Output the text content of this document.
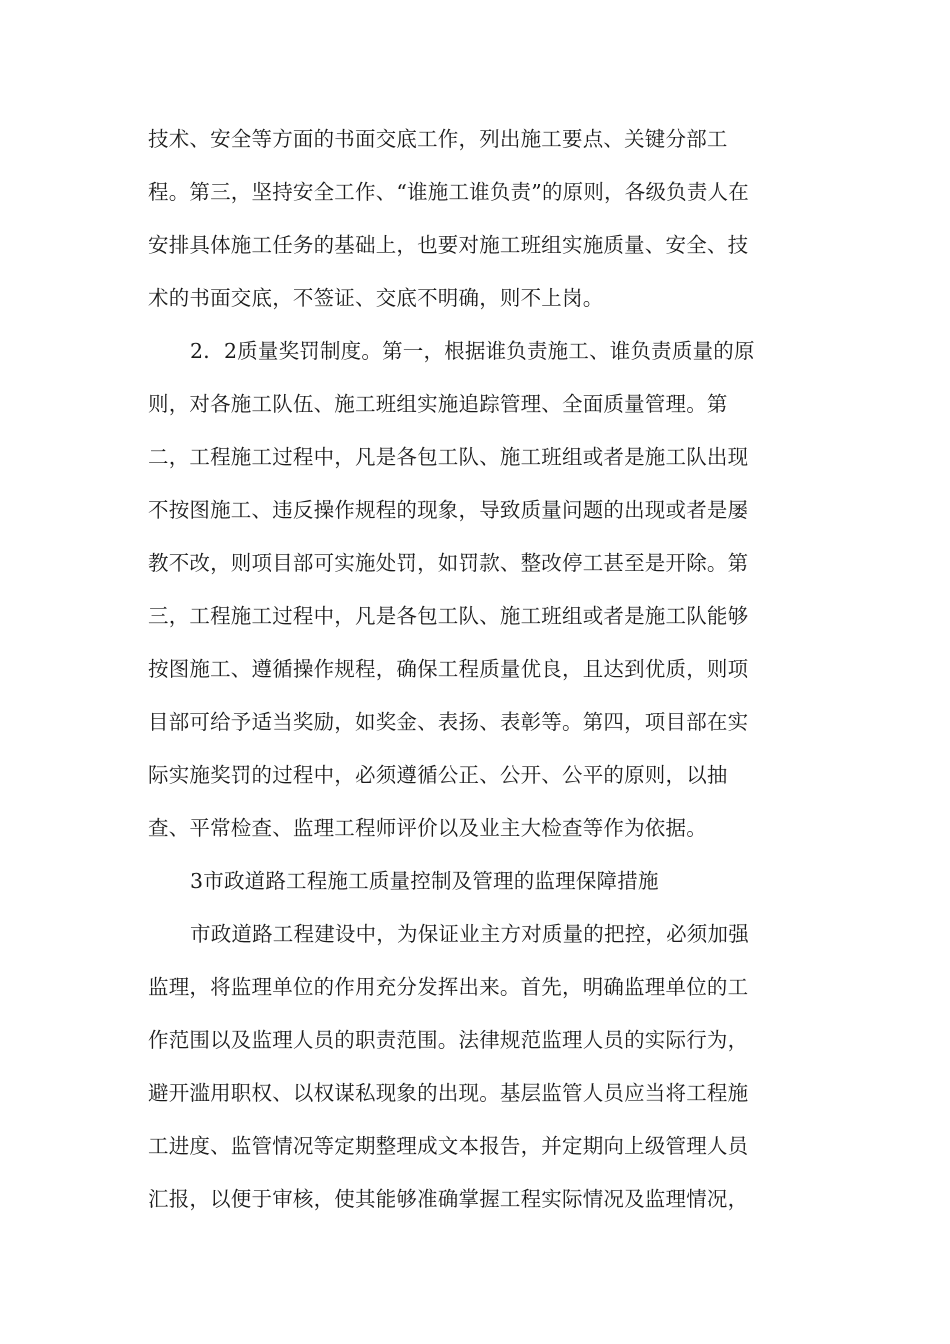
技术、安全等方面的书面交底工作，列出施工要点、关键分部工
程。第三，坚持安全工作、“谁施工谁负责”的原则，各级负责人在
安排具体施工任务的基础上，也要对施工班组实施质量、安全、技
术的书面交底，不签证、交底不明确，则不上岗。
2．2质量奖罚制度。第一，根据谁负责施工、谁负责质量的原
则，对各施工队伍、施工班组实施追踪管理、全面质量管理。第
二，工程施工过程中，凡是各包工队、施工班组或者是施工队出现
不按图施工、违反操作规程的现象，导致质量问题的出现或者是屡
教不改，则项目部可实施处罚，如罚款、整改停工甚至是开除。第
三，工程施工过程中，凡是各包工队、施工班组或者是施工队能够
按图施工、遵循操作规程，确保工程质量优良，且达到优质，则项
目部可给予适当奖励，如奖金、表扬、表彰等。第四，项目部在实
际实施奖罚的过程中，必须遵循公正、公开、公平的原则，以抽
查、平常检查、监理工程师评价以及业主大检查等作为依据。
3市政道路工程施工质量控制及管理的监理保障措施
市政道路工程建设中，为保证业主方对质量的把控，必须加强
监理，将监理单位的作用充分发挥出来。首先，明确监理单位的工
作范围以及监理人员的职责范围。法律规范监理人员的实际行为，
避开滥用职权、以权谋私现象的出现。基层监管人员应当将工程施
工进度、监管情况等定期整理成文本报告，并定期向上级管理人员
汇报，以便于审核，使其能够准确掌握工程实际情况及监理情况，
